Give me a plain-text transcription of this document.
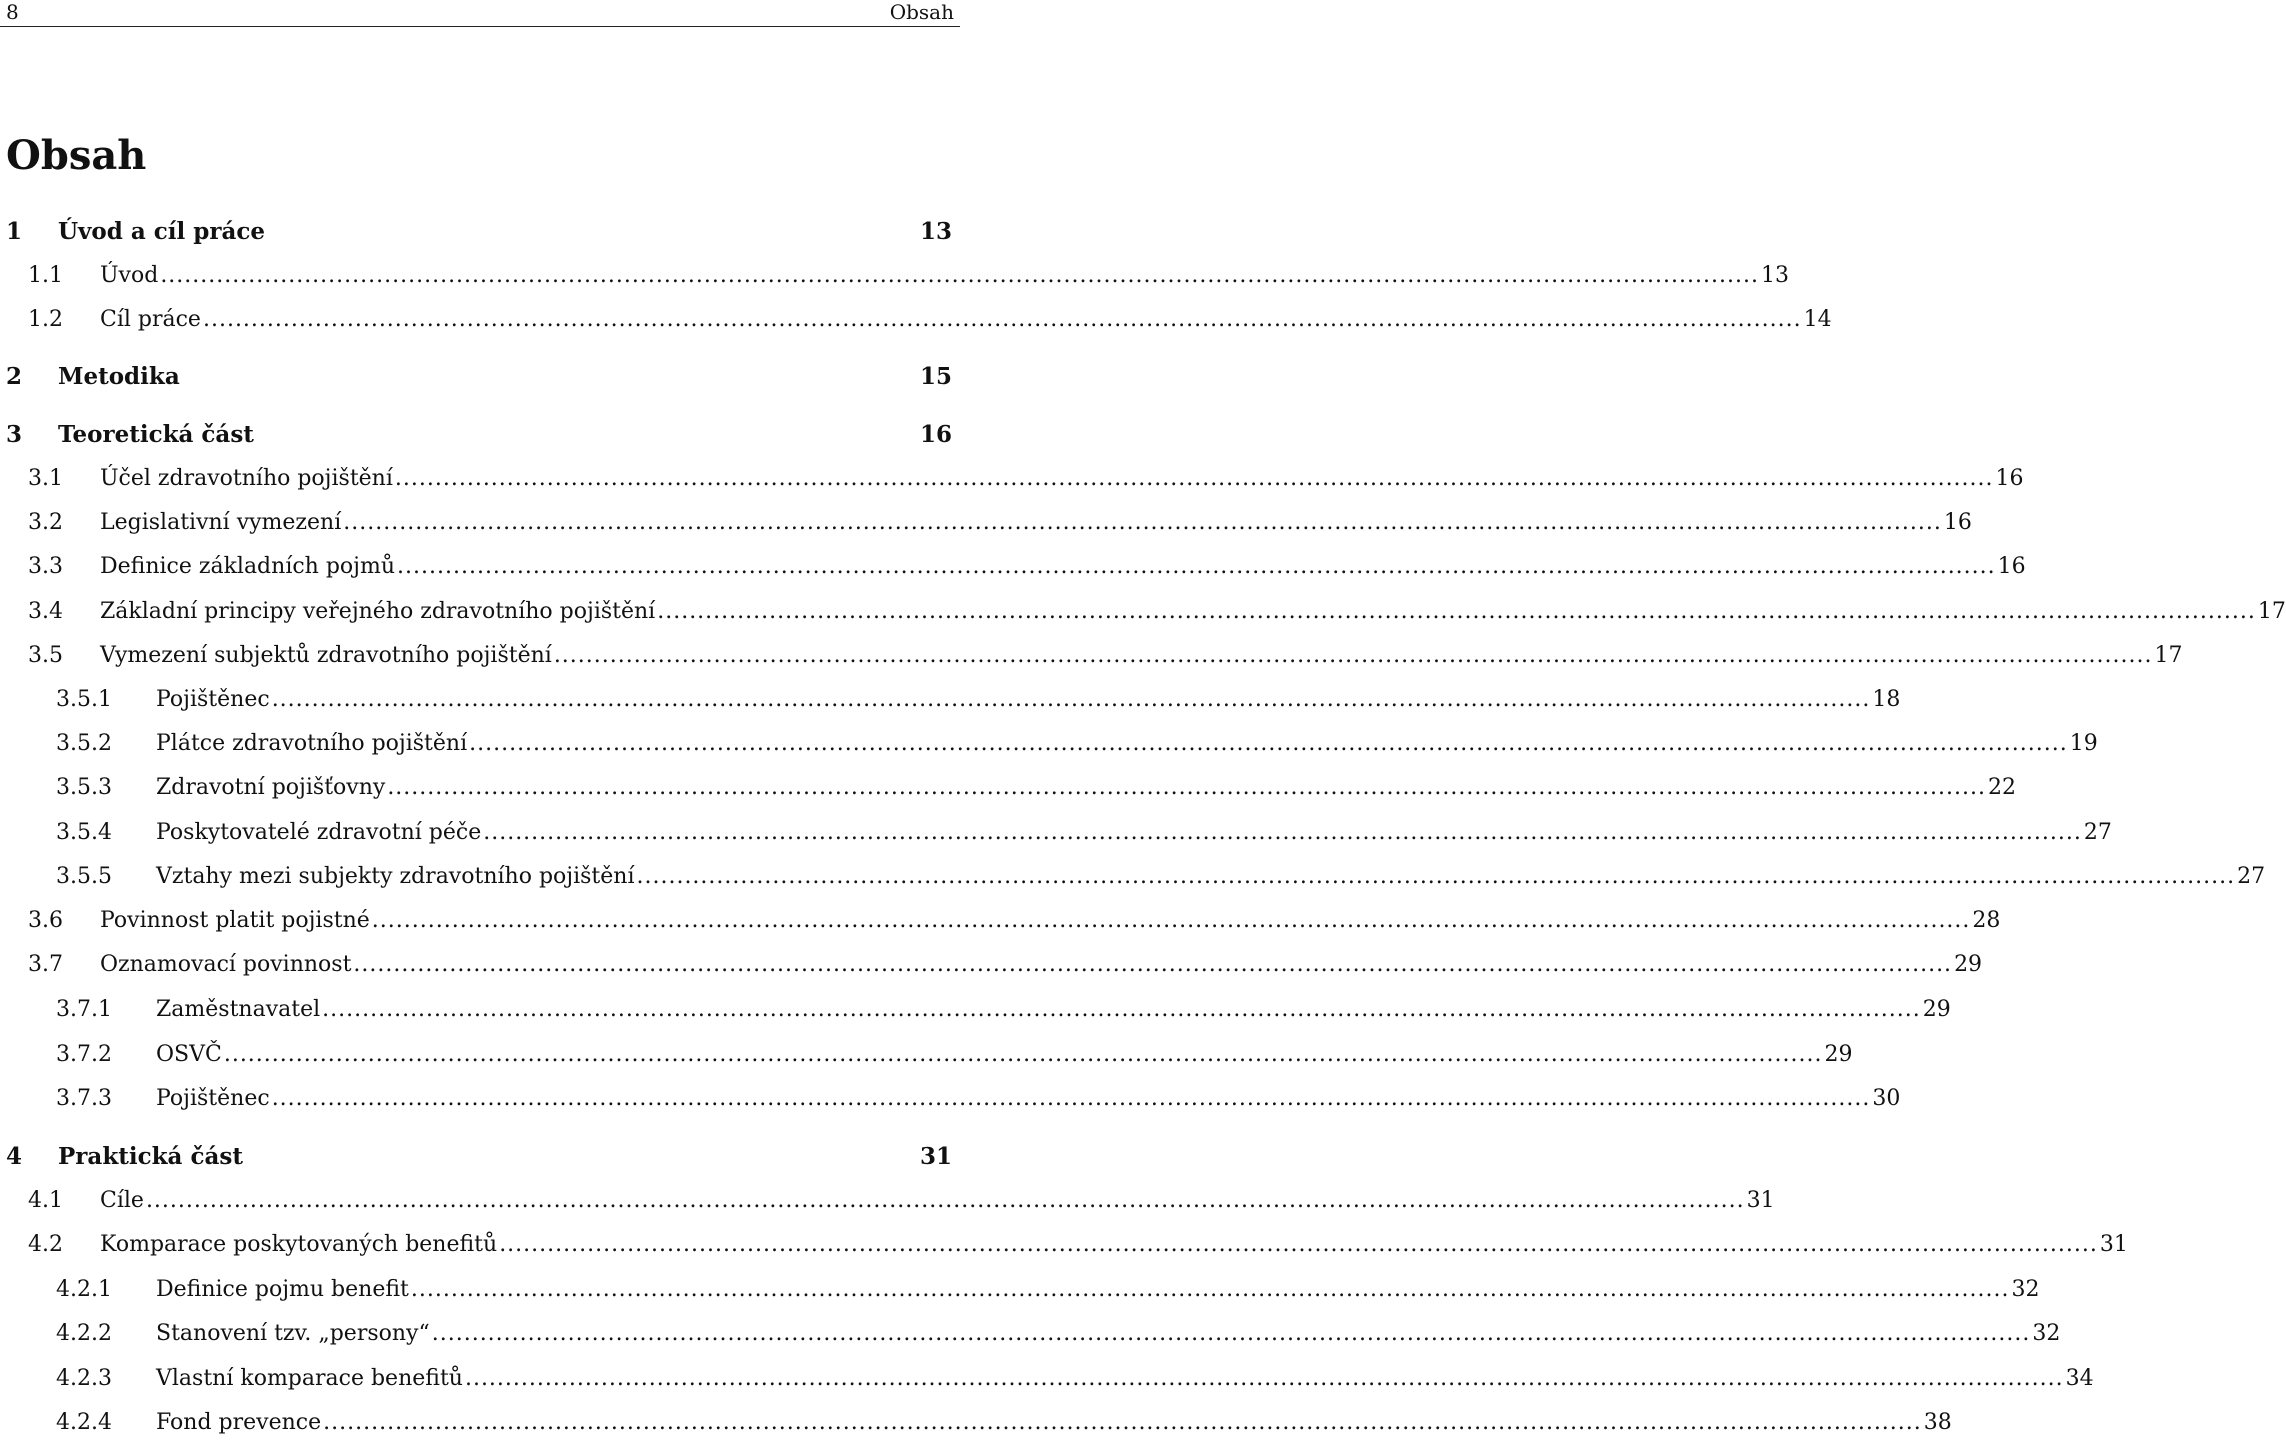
8	Obsah
Obsah
1	Úvod a cíl práce	13
1.1	Úvod ........................................................................................................................................................................................................ 13
1.2	Cíl práce ........................................................................................................................................................................................................ 14
2	Metodika	15
3	Teoretická část	16
3.1	Účel zdravotního pojištění ........................................................................................................................................................................................................ 16
3.2	Legislativní vymezení ........................................................................................................................................................................................................ 16
3.3	Definice základních pojmů ........................................................................................................................................................................................................ 16
3.4	Základní principy veřejného zdravotního pojištění ........................................................................................................................................................................................................ 17
3.5	Vymezení subjektů zdravotního pojištění ........................................................................................................................................................................................................ 17
3.5.1	Pojištěnec ........................................................................................................................................................................................................ 18
3.5.2	Plátce zdravotního pojištění ........................................................................................................................................................................................................ 19
3.5.3	Zdravotní pojišťovny ........................................................................................................................................................................................................ 22
3.5.4	Poskytovatelé zdravotní péče ........................................................................................................................................................................................................ 27
3.5.5	Vztahy mezi subjekty zdravotního pojištění ........................................................................................................................................................................................................ 27
3.6	Povinnost platit pojistné ........................................................................................................................................................................................................ 28
3.7	Oznamovací povinnost ........................................................................................................................................................................................................ 29
3.7.1	Zaměstnavatel ........................................................................................................................................................................................................ 29
3.7.2	OSVČ ........................................................................................................................................................................................................ 29
3.7.3	Pojištěnec ........................................................................................................................................................................................................ 30
4	Praktická část	31
4.1	Cíle ........................................................................................................................................................................................................ 31
4.2	Komparace poskytovaných benefitů ........................................................................................................................................................................................................ 31
4.2.1	Definice pojmu benefit ........................................................................................................................................................................................................ 32
4.2.2	Stanovení tzv. „persony“ ........................................................................................................................................................................................................ 32
4.2.3	Vlastní komparace benefitů ........................................................................................................................................................................................................ 34
4.2.4	Fond prevence ........................................................................................................................................................................................................ 38
